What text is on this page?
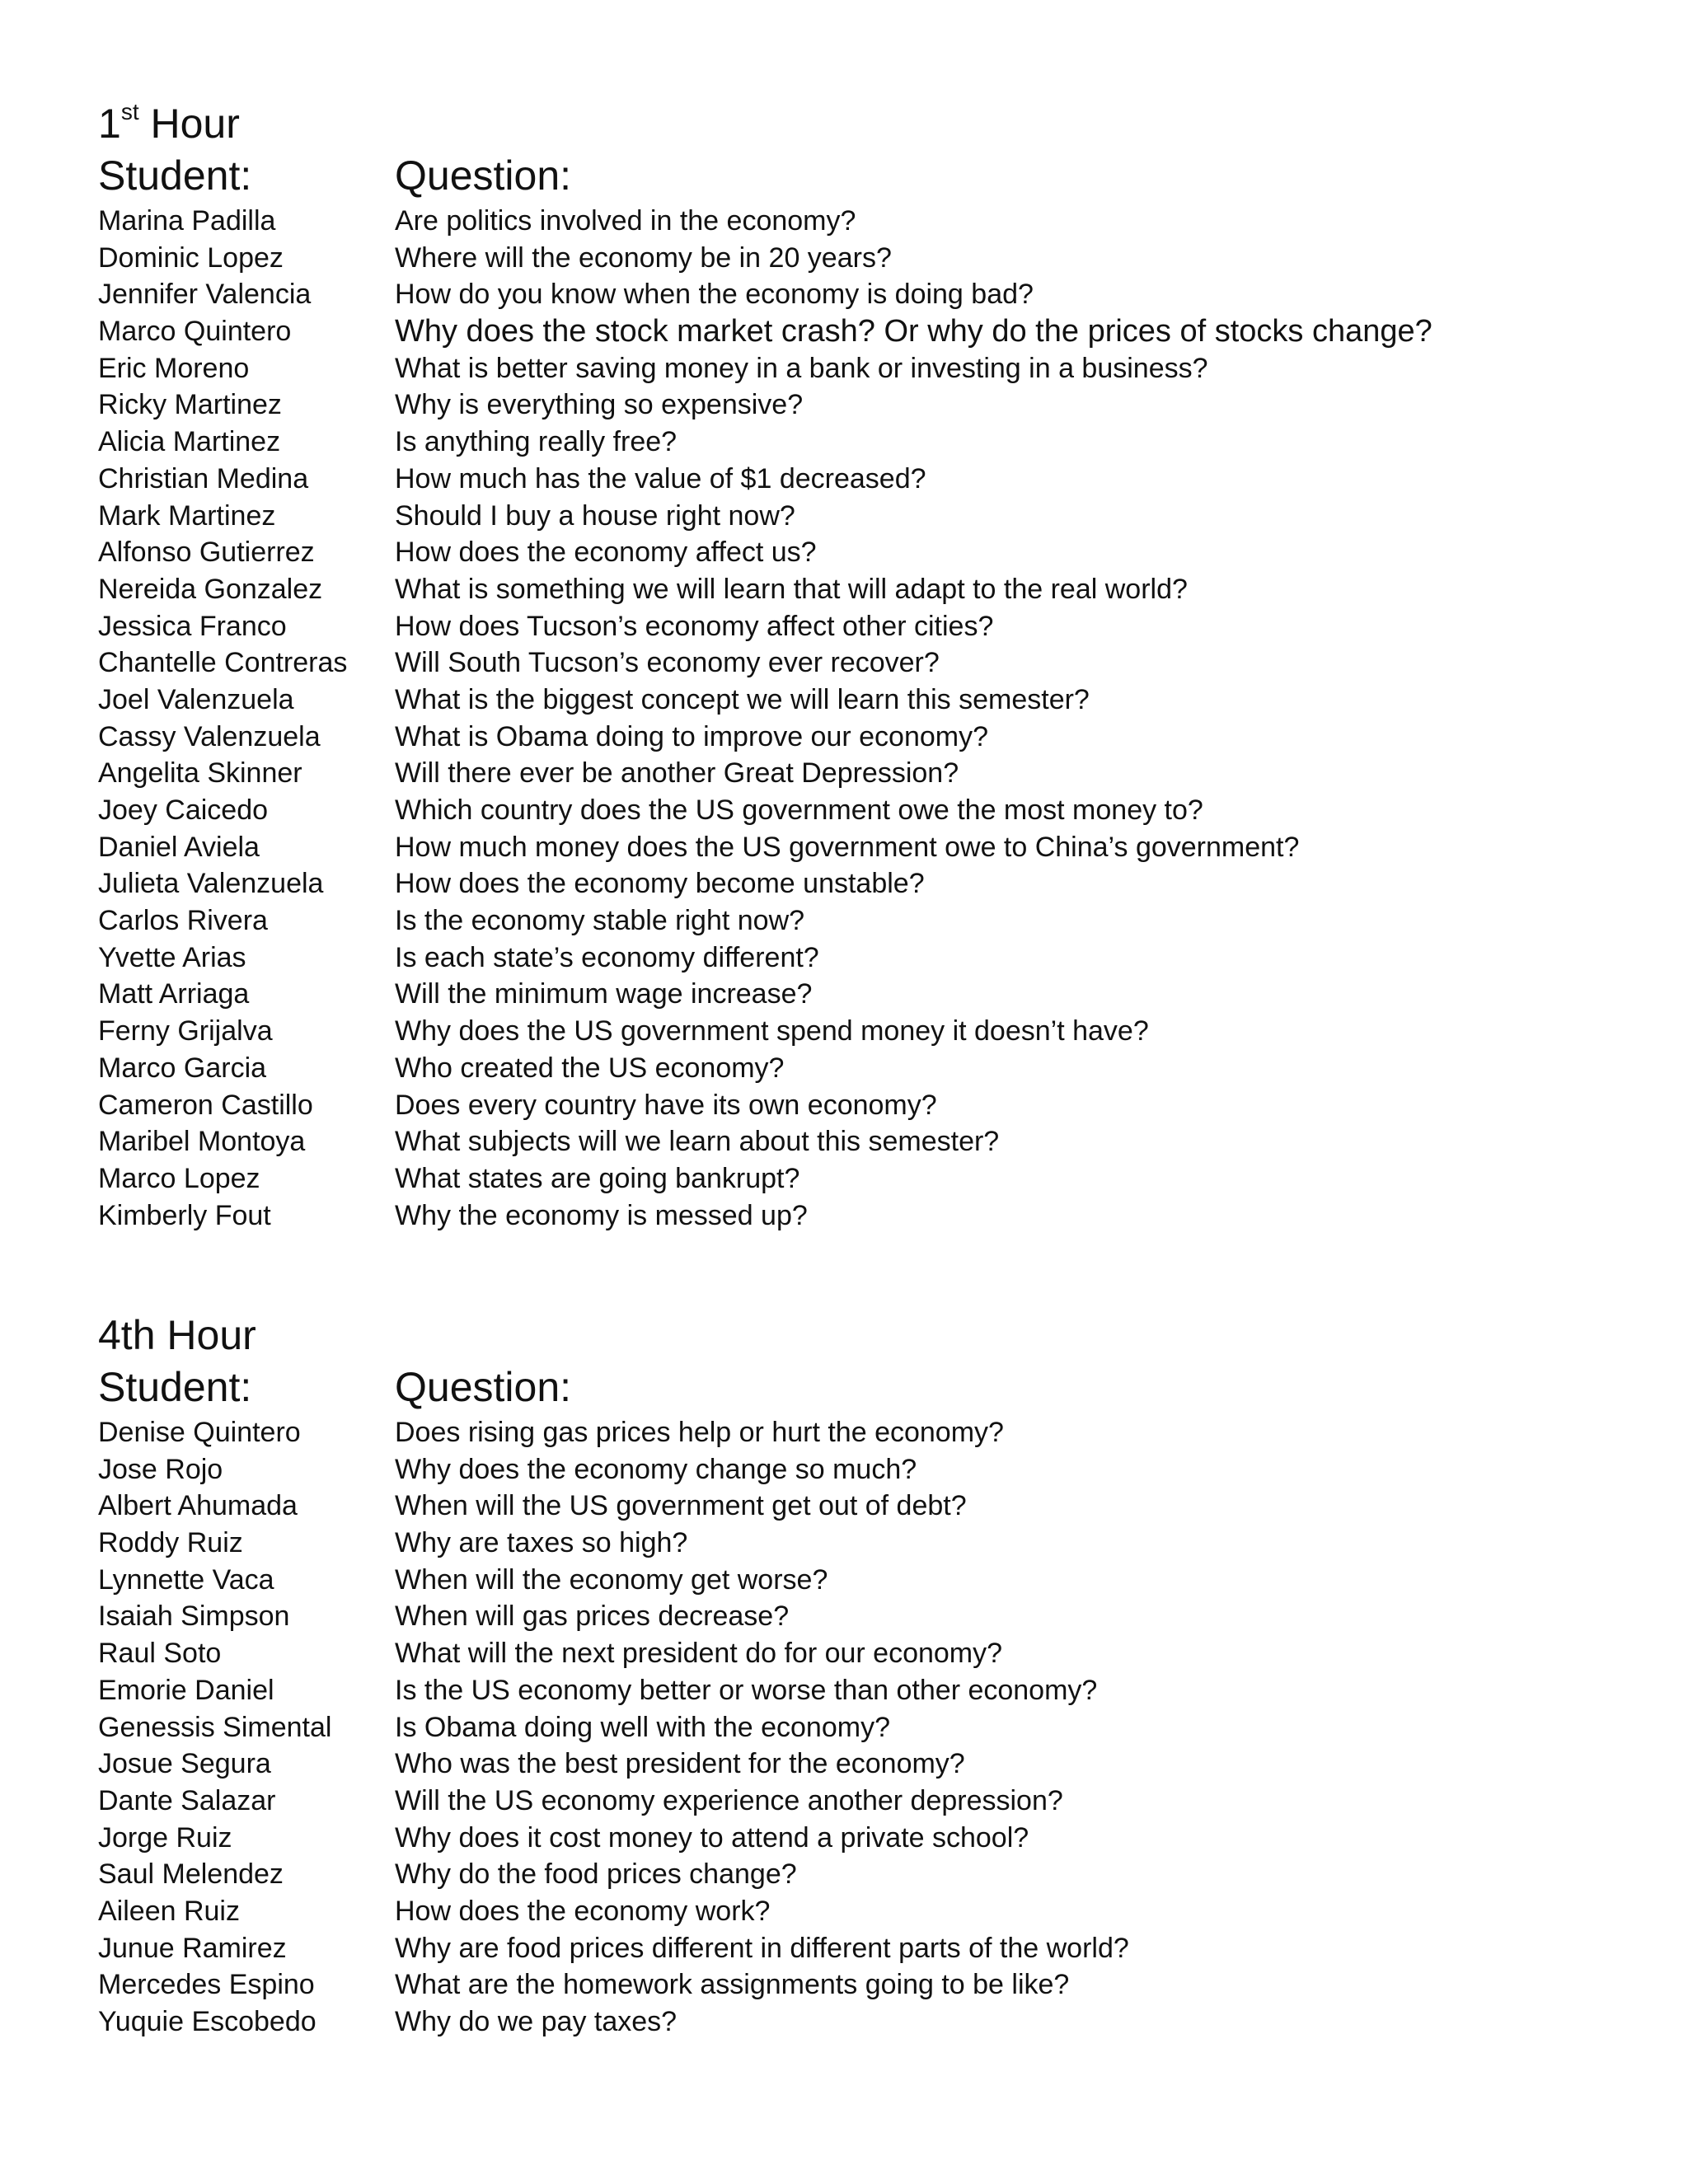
1st Hour
Student:	Question:
Marina Padilla	Are politics involved in the economy?
Dominic Lopez	Where will the economy be in 20 years?
Jennifer Valencia	How do you know when the economy is doing bad?
Marco Quintero	Why does the stock market crash? Or why do the prices of stocks change?
Eric Moreno	What is better saving money in a bank or investing in a business?
Ricky Martinez	Why is everything so expensive?
Alicia Martinez	Is anything really free?
Christian Medina	How much has the value of $1 decreased?
Mark Martinez	Should I buy a house right now?
Alfonso Gutierrez	How does the economy affect us?
Nereida Gonzalez	What is something we will learn that will adapt to the real world?
Jessica Franco	How does Tucson’s economy affect other cities?
Chantelle Contreras	Will South Tucson’s economy ever recover?
Joel Valenzuela	What is the biggest concept we will learn this semester?
Cassy Valenzuela	What is Obama doing to improve our economy?
Angelita Skinner	Will there ever be another Great Depression?
Joey Caicedo	Which country does the US government owe the most money to?
Daniel Aviela	How much money does the US government owe to China’s government?
Julieta Valenzuela	How does the economy become unstable?
Carlos Rivera	Is the economy stable right now?
Yvette Arias	Is each state’s economy different?
Matt Arriaga	Will the minimum wage increase?
Ferny Grijalva	Why does the US government spend money it doesn’t have?
Marco Garcia	Who created the US economy?
Cameron Castillo	Does every country have its own economy?
Maribel Montoya	What subjects will we learn about this semester?
Marco Lopez	What states are going bankrupt?
Kimberly Fout	Why the economy is messed up?
4th Hour
Student:	Question:
Denise Quintero	Does rising gas prices help or hurt the economy?
Jose Rojo	Why does the economy change so much?
Albert Ahumada	When will the US government get out of debt?
Roddy Ruiz	Why are taxes so high?
Lynnette Vaca	When will the economy get worse?
Isaiah Simpson	When will gas prices decrease?
Raul Soto	What will the next president do for our economy?
Emorie Daniel	Is the US economy better or worse than other economy?
Genessis Simental	Is Obama doing well with the economy?
Josue Segura	Who was the best president for the economy?
Dante Salazar	Will the US economy experience another depression?
Jorge Ruiz	Why does it cost money to attend a private school?
Saul Melendez	Why do the food prices change?
Aileen Ruiz	How does the economy work?
Junue Ramirez	Why are food prices different in different parts of the world?
Mercedes Espino	What are the homework assignments going to be like?
Yuquie Escobedo	Why do we pay taxes?
